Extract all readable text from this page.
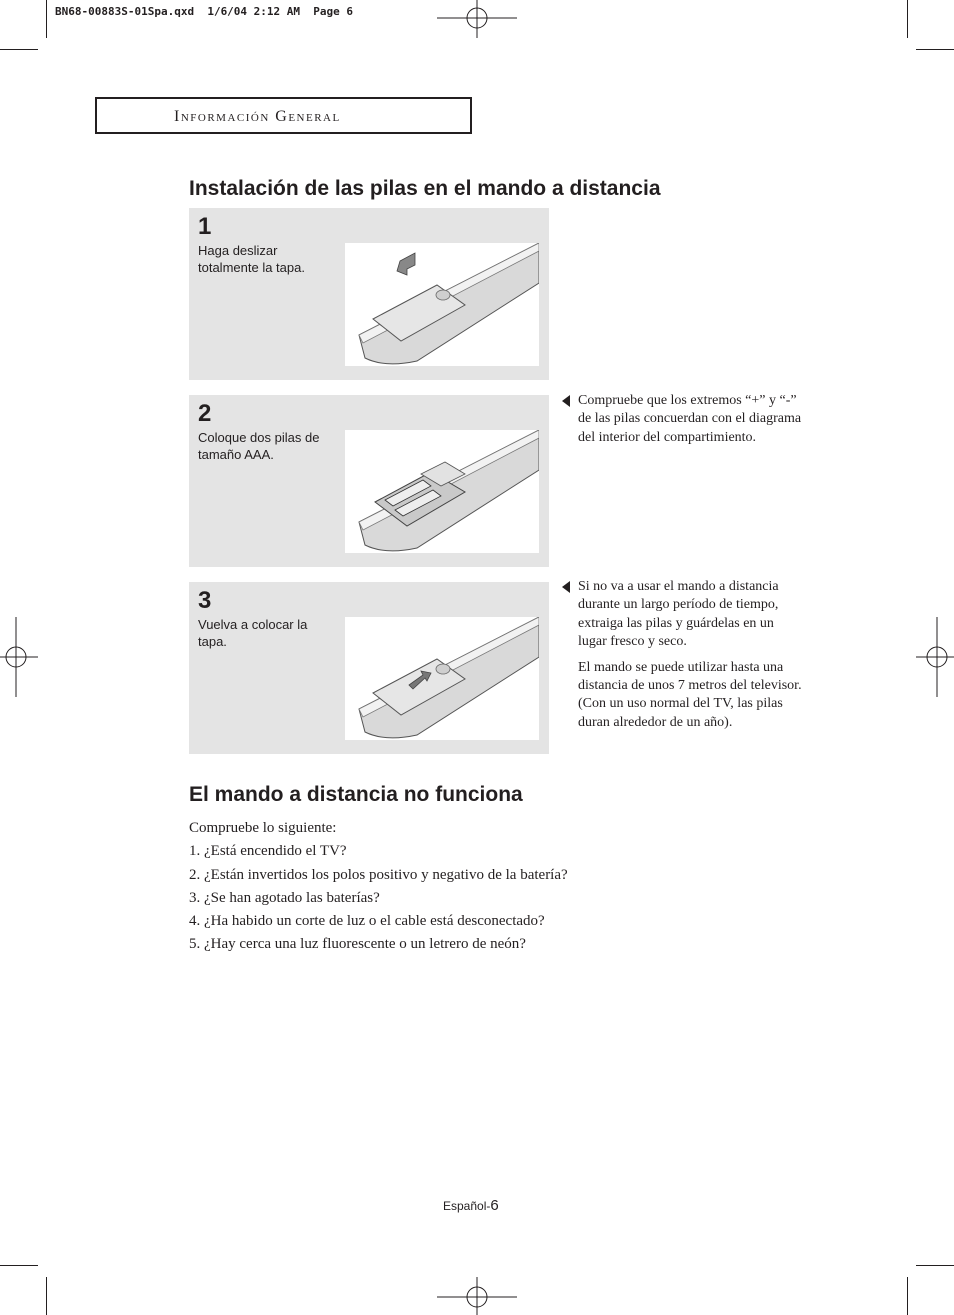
BN68-00883S-01Spa.qxd  1/6/04 2:12 AM  Page 6
Información General
Instalación de las pilas en el mando a distancia
1
Haga deslizar totalmente la tapa.
2
Coloque dos pilas de tamaño AAA.
3
Vuelva a colocar la tapa.

Compruebe que los extremos “+” y “-” de las pilas concuerdan con el diagrama del interior del compartimiento.

Si no va a usar el mando a distancia durante un largo período de tiempo, extraiga las pilas y guárdelas en un lugar fresco y seco.

El mando se puede utilizar hasta una distancia de unos 7 metros del televisor.

(Con un uso normal del TV, las pilas duran alrededor de un año).

El mando a distancia no funciona
Compruebe lo siguiente:
1. ¿Está encendido el TV?
2. ¿Están invertidos los polos positivo y negativo de la batería?
3. ¿Se han agotado las baterías?
4. ¿Ha habido un corte de luz o el cable está desconectado?
5. ¿Hay cerca una luz fluorescente o un letrero de neón?
Español-6
